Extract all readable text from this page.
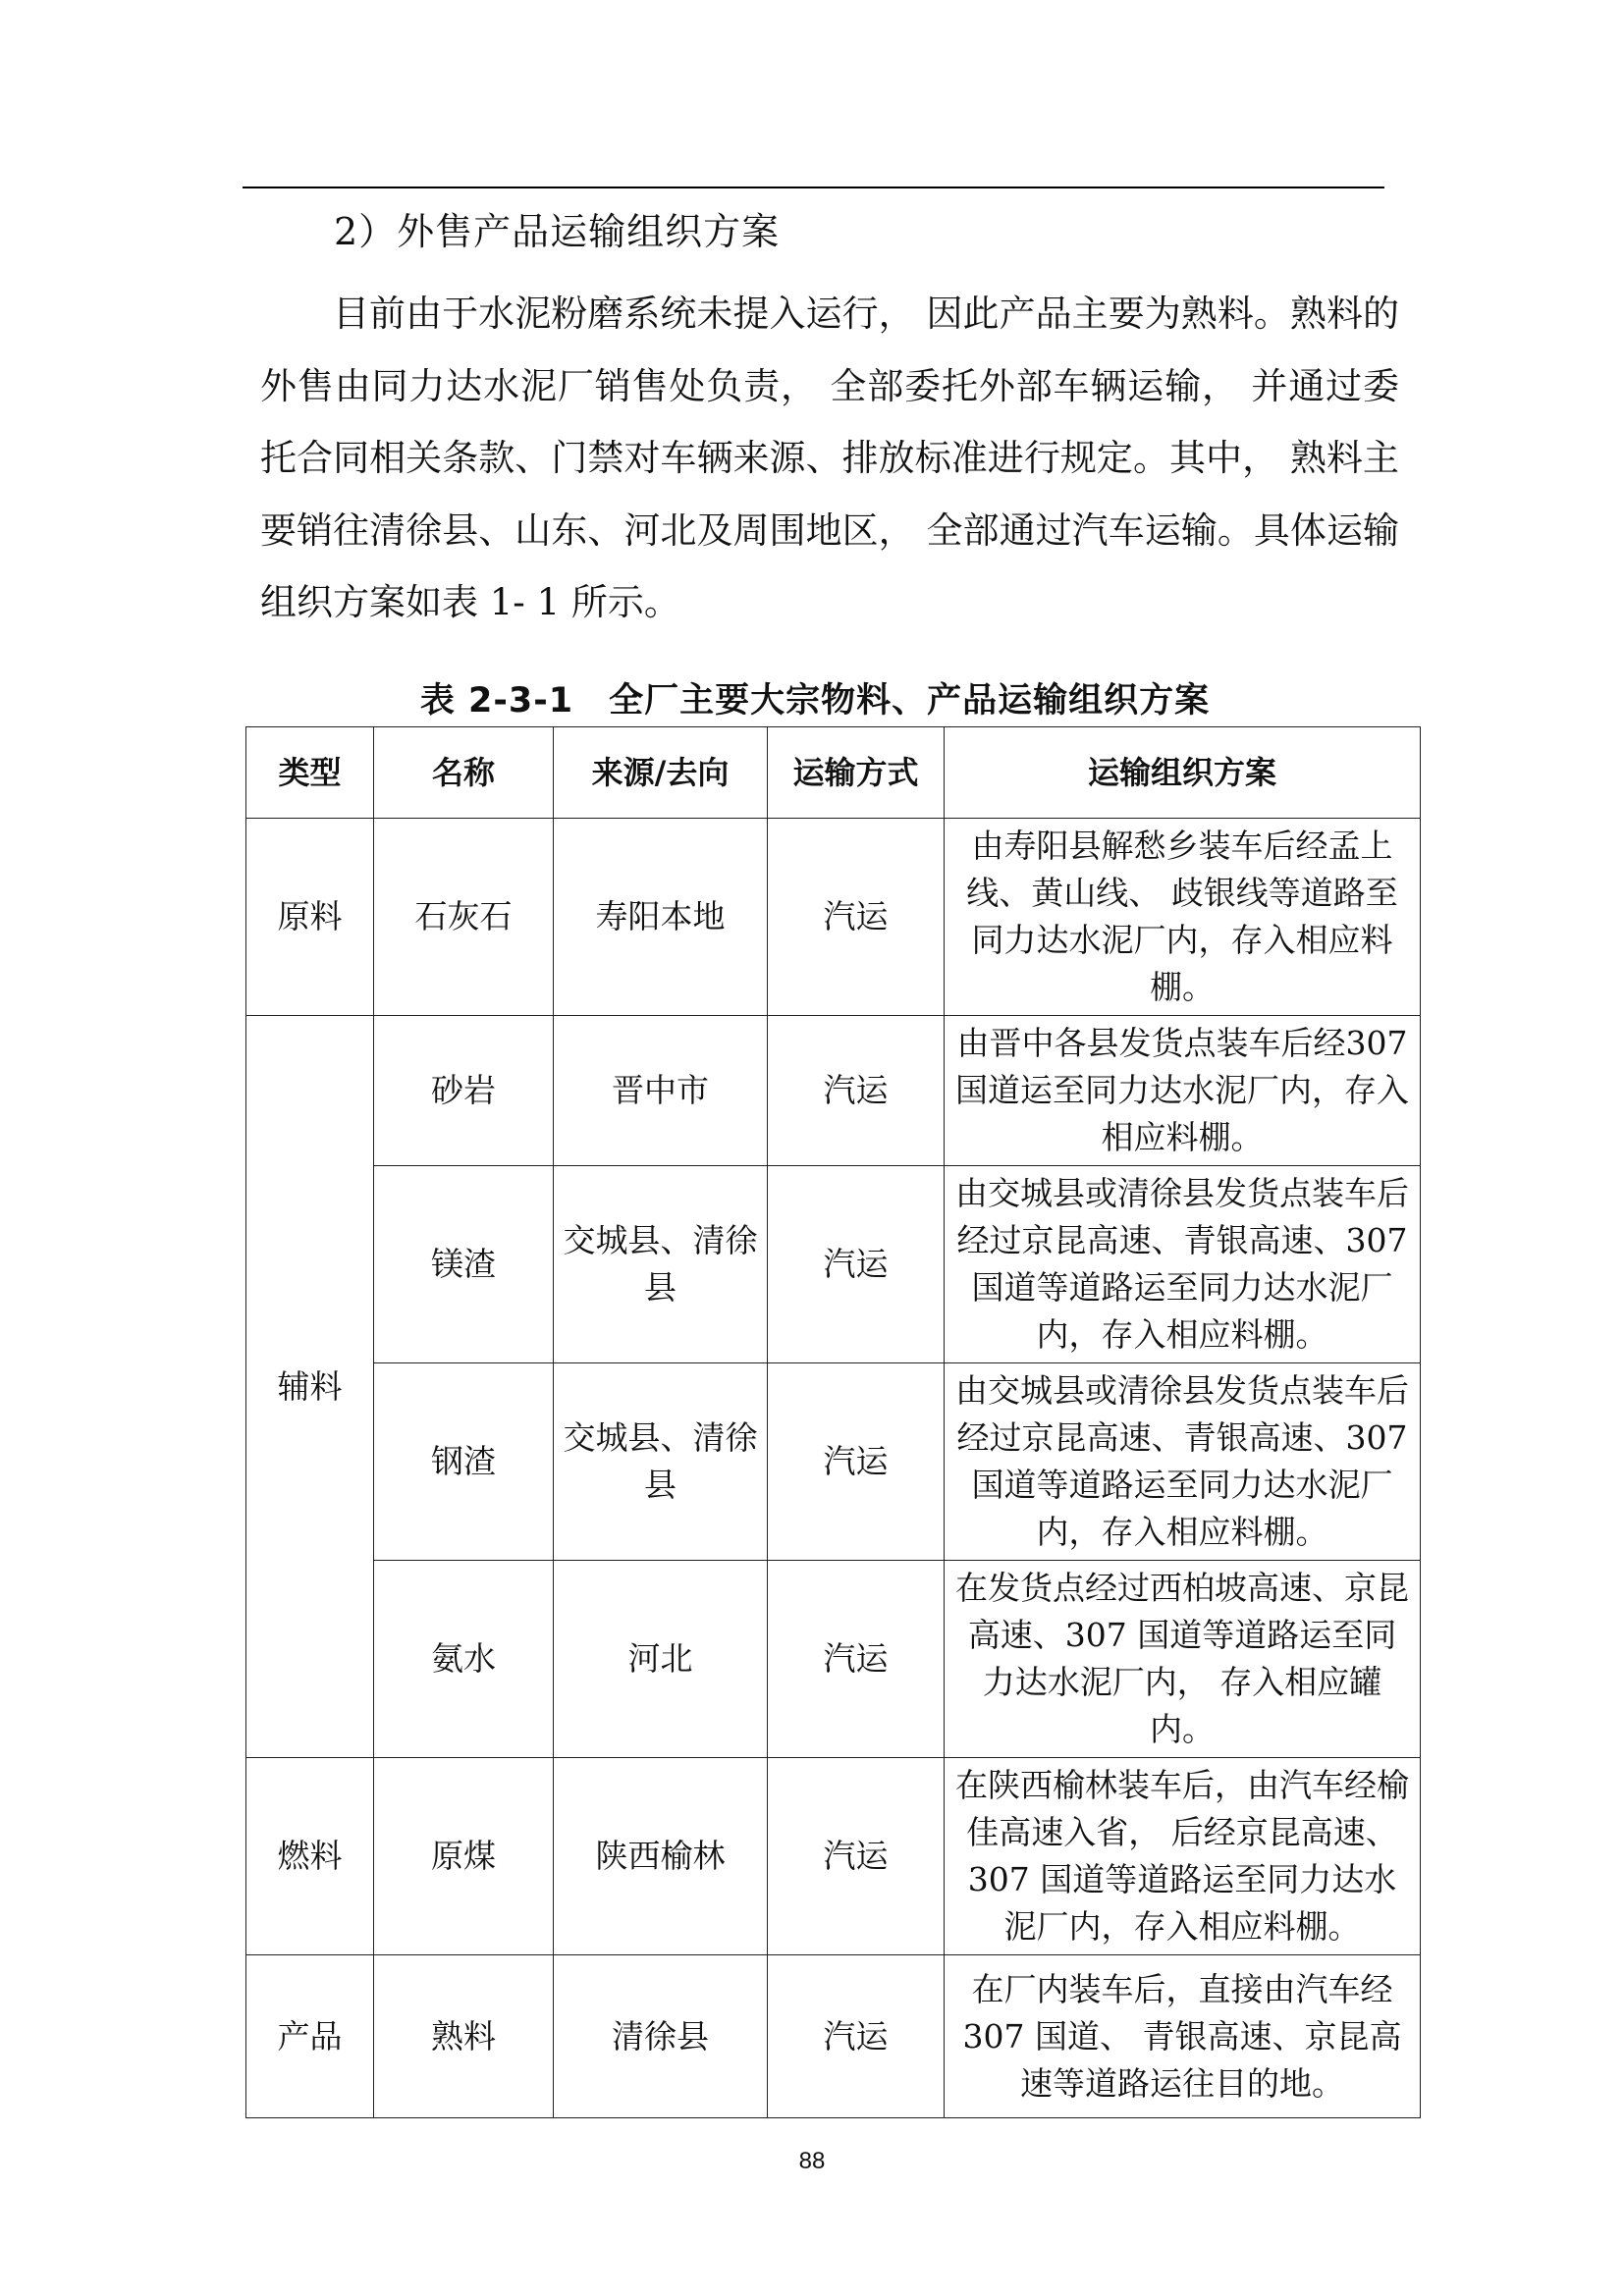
2）外售产品运输组织方案

目前由于水泥粉磨系统未提入运行， 因此产品主要为熟料。熟料的外售由同力达水泥厂销售处负责， 全部委托外部车辆运输， 并通过委托合同相关条款、门禁对车辆来源、排放标准进行规定。其中， 熟料主要销往清徐县、山东、河北及周围地区， 全部通过汽车运输。具体运输组织方案如表 1- 1 所示。

表 2-3-1　全厂主要大宗物料、产品运输组织方案
类型	名称	来源/去向	运输方式	运输组织方案
原料	石灰石	寿阳本地	汽运	由寿阳县解愁乡装车后经孟上线、黄山线、 歧银线等道路至同力达水泥厂内，存入相应料棚。
辅料	砂岩	晋中市	汽运	由晋中各县发货点装车后经307 国道运至同力达水泥厂内，存入相应料棚。
	镁渣	交城县、清徐县	汽运	由交城县或清徐县发货点装车后经过京昆高速、青银高速、307 国道等道路运至同力达水泥厂内，存入相应料棚。
	钢渣	交城县、清徐县	汽运	由交城县或清徐县发货点装车后经过京昆高速、青银高速、307 国道等道路运至同力达水泥厂内，存入相应料棚。
	氨水	河北	汽运	在发货点经过西柏坡高速、京昆高速、307 国道等道路运至同力达水泥厂内， 存入相应罐内。
燃料	原煤	陕西榆林	汽运	在陕西榆林装车后，由汽车经榆佳高速入省， 后经京昆高速、307 国道等道路运至同力达水泥厂内，存入相应料棚。
产品	熟料	清徐县	汽运	在厂内装车后，直接由汽车经307 国道、 青银高速、京昆高速等道路运往目的地。
88
